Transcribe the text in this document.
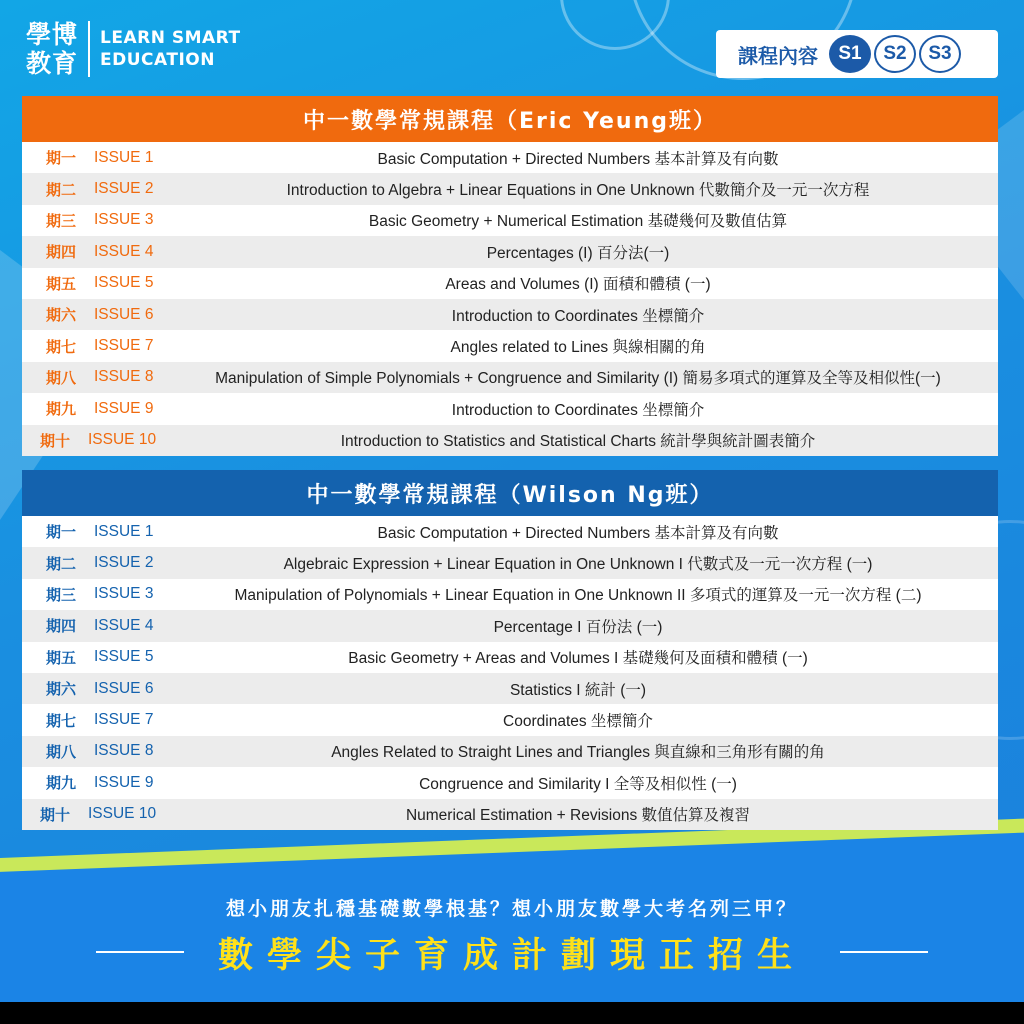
學博
教育
LEARN SMART
EDUCATION	課程內容	S1	S2	S3
中一數學常規課程（Eric Yeung班）
期一 ISSUE 1	Basic Computation + Directed Numbers 基本計算及有向數
期二 ISSUE 2	Introduction to Algebra + Linear Equations in One Unknown 代數簡介及一元一次方程
期三 ISSUE 3	Basic Geometry + Numerical Estimation 基礎幾何及數值估算
期四 ISSUE 4	Percentages (I) 百分法(一)
期五 ISSUE 5	Areas and Volumes (I) 面積和體積 (一)
期六 ISSUE 6	Introduction to Coordinates 坐標簡介
期七 ISSUE 7	Angles related to Lines 與線相關的角
期八 ISSUE 8	Manipulation of Simple Polynomials + Congruence and Similarity (I) 簡易多項式的運算及全等及相似性(一)
期九 ISSUE 9	Introduction to Coordinates 坐標簡介
期十 ISSUE 10	Introduction to Statistics and Statistical Charts 統計學與統計圖表簡介
中一數學常規課程（Wilson Ng班）
期一 ISSUE 1	Basic Computation + Directed Numbers 基本計算及有向數
期二 ISSUE 2	Algebraic Expression + Linear Equation in One Unknown I 代數式及一元一次方程 (一)
期三 ISSUE 3	Manipulation of Polynomials + Linear Equation in One Unknown II 多項式的運算及一元一次方程 (二)
期四 ISSUE 4	Percentage I 百份法 (一)
期五 ISSUE 5	Basic Geometry + Areas and Volumes I 基礎幾何及面積和體積 (一)
期六 ISSUE 6	Statistics I 統計 (一)
期七 ISSUE 7	Coordinates 坐標簡介
期八 ISSUE 8	Angles Related to Straight Lines and Triangles 與直線和三角形有關的角
期九 ISSUE 9	Congruence and Similarity I 全等及相似性 (一)
期十 ISSUE 10	Numerical Estimation + Revisions 數值估算及複習
想小朋友扎穩基礎數學根基？想小朋友數學大考名列三甲？
數學尖子育成計劃現正招生
